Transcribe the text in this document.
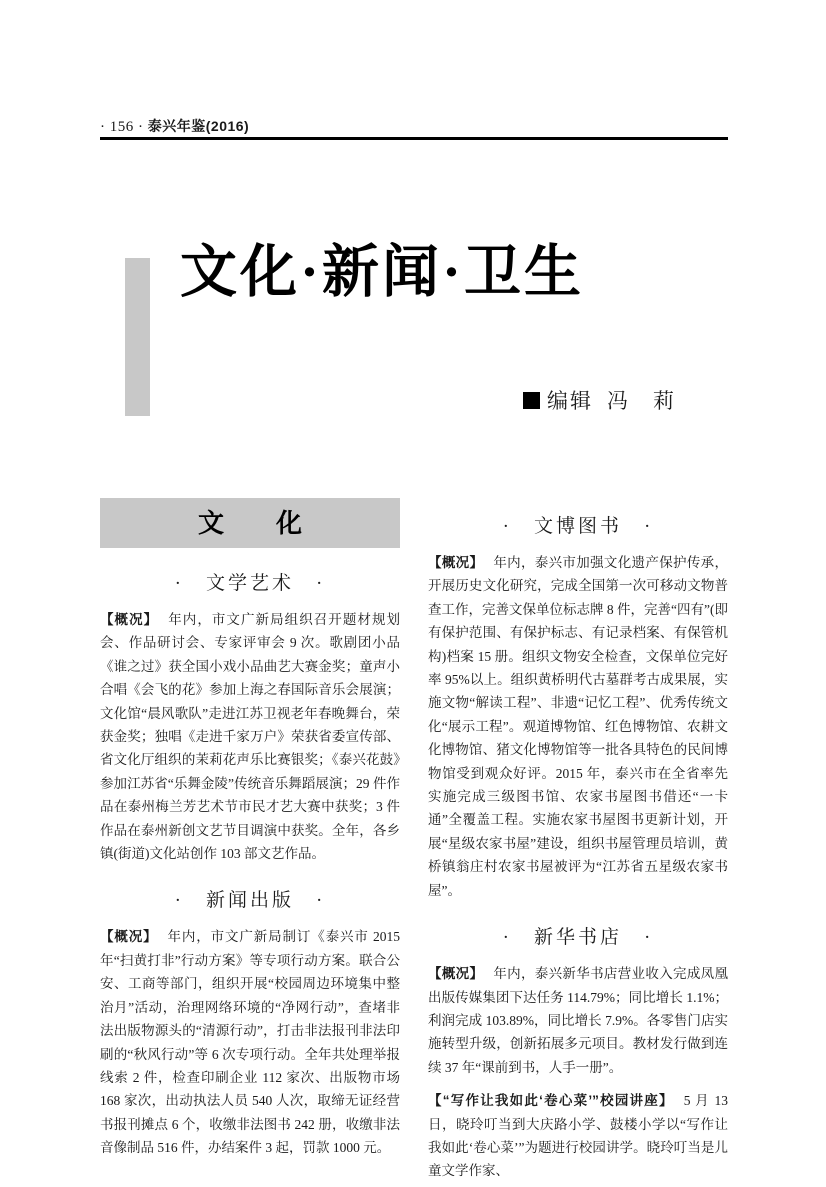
· 156 · 泰兴年鉴(2016)
文化·新闻·卫生
编辑 冯　莉
文　　化
·　文学艺术　·

【概况】 年内，市文广新局组织召开题材规划会、作品研讨会、专家评审会 9 次。歌剧团小品《谁之过》获全国小戏小品曲艺大赛金奖；童声小合唱《会飞的花》参加上海之春国际音乐会展演；文化馆“晨风歌队”走进江苏卫视老年春晚舞台，荣获金奖；独唱《走进千家万户》荣获省委宣传部、省文化厅组织的茉莉花声乐比赛银奖；《泰兴花鼓》参加江苏省“乐舞金陵”传统音乐舞蹈展演；29 件作品在泰州梅兰芳艺术节市民才艺大赛中获奖；3 件作品在泰州新创文艺节目调演中获奖。全年，各乡镇(街道)文化站创作 103 部文艺作品。

·　新闻出版　·

【概况】 年内，市文广新局制订《泰兴市 2015 年“扫黄打非”行动方案》等专项行动方案。联合公安、工商等部门，组织开展“校园周边环境集中整治月”活动，治理网络环境的“净网行动”，查堵非法出版物源头的“清源行动”，打击非法报刊非法印刷的“秋风行动”等 6 次专项行动。全年共处理举报线索 2 件，检查印刷企业 112 家次、出版物市场 168 家次，出动执法人员 540 人次，取缔无证经营书报刊摊点 6 个，收缴非法图书 242 册，收缴非法音像制品 516 件，办结案件 3 起，罚款 1000 元。

·　文博图书　·

【概况】 年内，泰兴市加强文化遗产保护传承，开展历史文化研究，完成全国第一次可移动文物普查工作，完善文保单位标志牌 8 件，完善“四有”(即有保护范围、有保护标志、有记录档案、有保管机构)档案 15 册。组织文物安全检查，文保单位完好率 95%以上。组织黄桥明代古墓群考古成果展，实施文物“解读工程”、非遗“记忆工程”、优秀传统文化“展示工程”。观道博物馆、红色博物馆、农耕文化博物馆、猪文化博物馆等一批各具特色的民间博物馆受到观众好评。2015 年，泰兴市在全省率先实施完成三级图书馆、农家书屋图书借还“一卡通”全覆盖工程。实施农家书屋图书更新计划，开展“星级农家书屋”建设，组织书屋管理员培训，黄桥镇翁庄村农家书屋被评为“江苏省五星级农家书屋”。

·　新华书店　·

【概况】 年内，泰兴新华书店营业收入完成凤凰出版传媒集团下达任务 114.79%；同比增长 1.1%；利润完成 103.89%，同比增长 7.9%。各零售门店实施转型升级，创新拓展多元项目。教材发行做到连续 37 年“课前到书，人手一册”。

【“写作让我如此‘卷心菜’”校园讲座】 5 月 13 日，晓玲叮当到大庆路小学、鼓楼小学以“写作让我如此‘卷心菜’”为题进行校园讲学。晓玲叮当是儿童文学作家、
